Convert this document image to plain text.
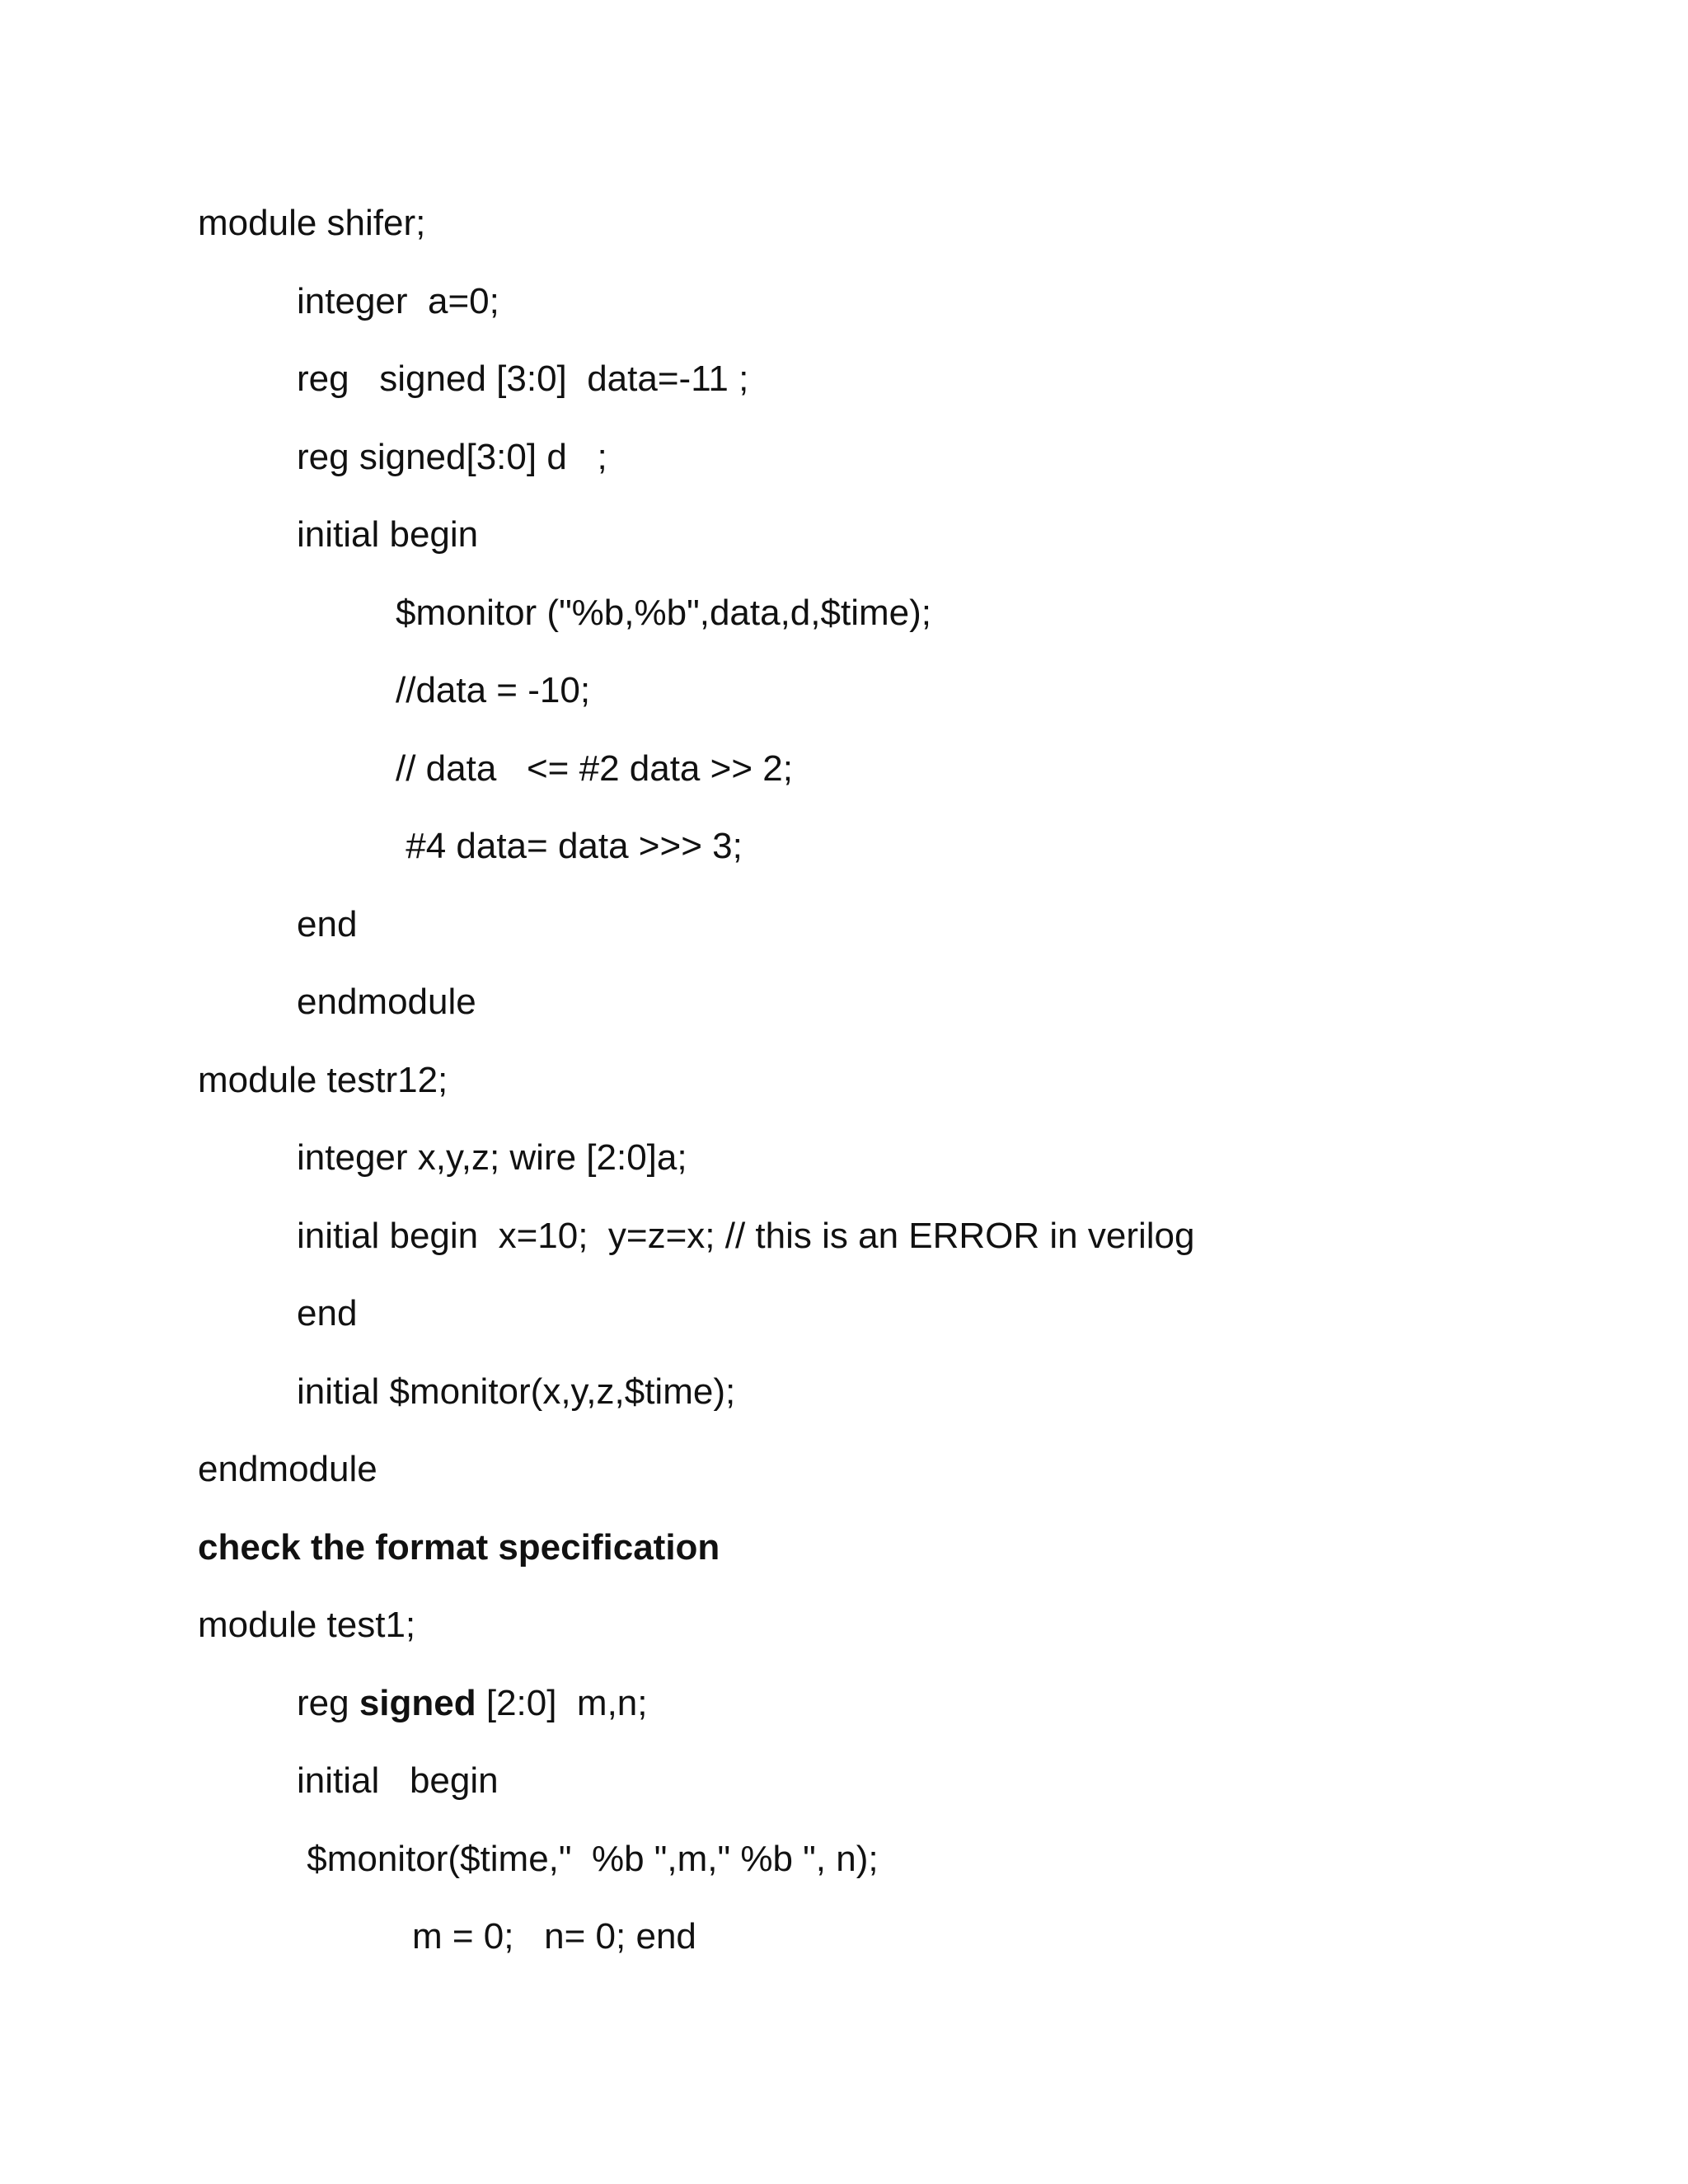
module shifer;

integer  a=0;

reg   signed [3:0]  data=-11 ;

reg signed[3:0] d   ;

initial begin

$monitor ("%b,%b",data,d,$time);

//data = -10;

// data   <= #2 data >> 2;

#4 data= data >>> 3;

end

endmodule

module testr12;

integer x,y,z; wire [2:0]a;

initial begin  x=10;  y=z=x; // this is an ERROR in verilog

end

initial $monitor(x,y,z,$time);

endmodule

check the format specification

module test1;

reg signed [2:0]  m,n;

initial   begin

$monitor($time,"  %b ",m," %b ", n);

m = 0;   n= 0; end
